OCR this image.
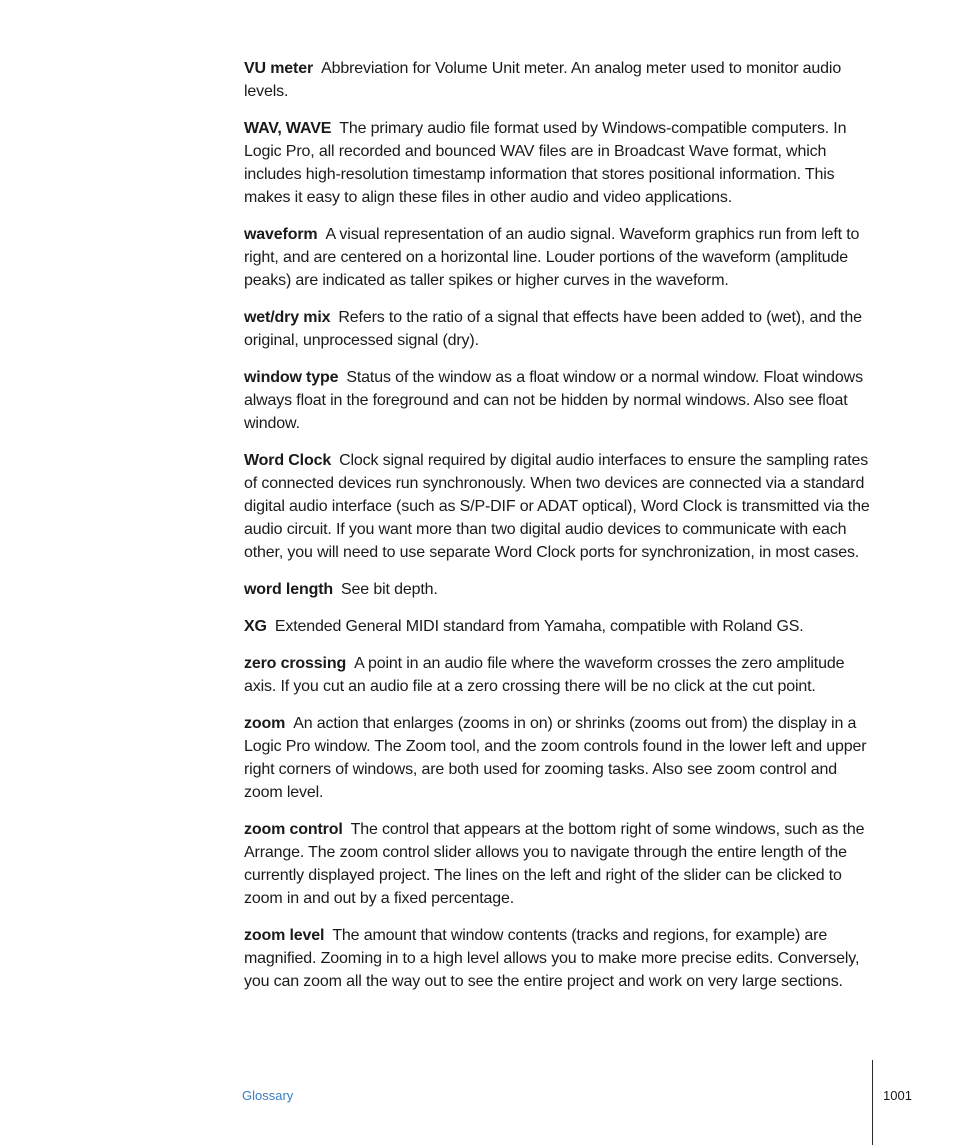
VU meter Abbreviation for Volume Unit meter. An analog meter used to monitor audio levels.

WAV, WAVE The primary audio file format used by Windows-compatible computers. In Logic Pro, all recorded and bounced WAV files are in Broadcast Wave format, which includes high-resolution timestamp information that stores positional information. This makes it easy to align these files in other audio and video applications.

waveform A visual representation of an audio signal. Waveform graphics run from left to right, and are centered on a horizontal line. Louder portions of the waveform (amplitude peaks) are indicated as taller spikes or higher curves in the waveform.

wet/dry mix Refers to the ratio of a signal that effects have been added to (wet), and the original, unprocessed signal (dry).

window type Status of the window as a float window or a normal window. Float windows always float in the foreground and can not be hidden by normal windows. Also see float window.

Word Clock Clock signal required by digital audio interfaces to ensure the sampling rates of connected devices run synchronously. When two devices are connected via a standard digital audio interface (such as S/P-DIF or ADAT optical), Word Clock is transmitted via the audio circuit. If you want more than two digital audio devices to communicate with each other, you will need to use separate Word Clock ports for synchronization, in most cases.

word length See bit depth.

XG Extended General MIDI standard from Yamaha, compatible with Roland GS.

zero crossing A point in an audio file where the waveform crosses the zero amplitude axis. If you cut an audio file at a zero crossing there will be no click at the cut point.

zoom An action that enlarges (zooms in on) or shrinks (zooms out from) the display in a Logic Pro window. The Zoom tool, and the zoom controls found in the lower left and upper right corners of windows, are both used for zooming tasks. Also see zoom control and zoom level.

zoom control The control that appears at the bottom right of some windows, such as the Arrange. The zoom control slider allows you to navigate through the entire length of the currently displayed project. The lines on the left and right of the slider can be clicked to zoom in and out by a fixed percentage.

zoom level The amount that window contents (tracks and regions, for example) are magnified. Zooming in to a high level allows you to make more precise edits. Conversely, you can zoom all the way out to see the entire project and work on very large sections.

Glossary	1001
